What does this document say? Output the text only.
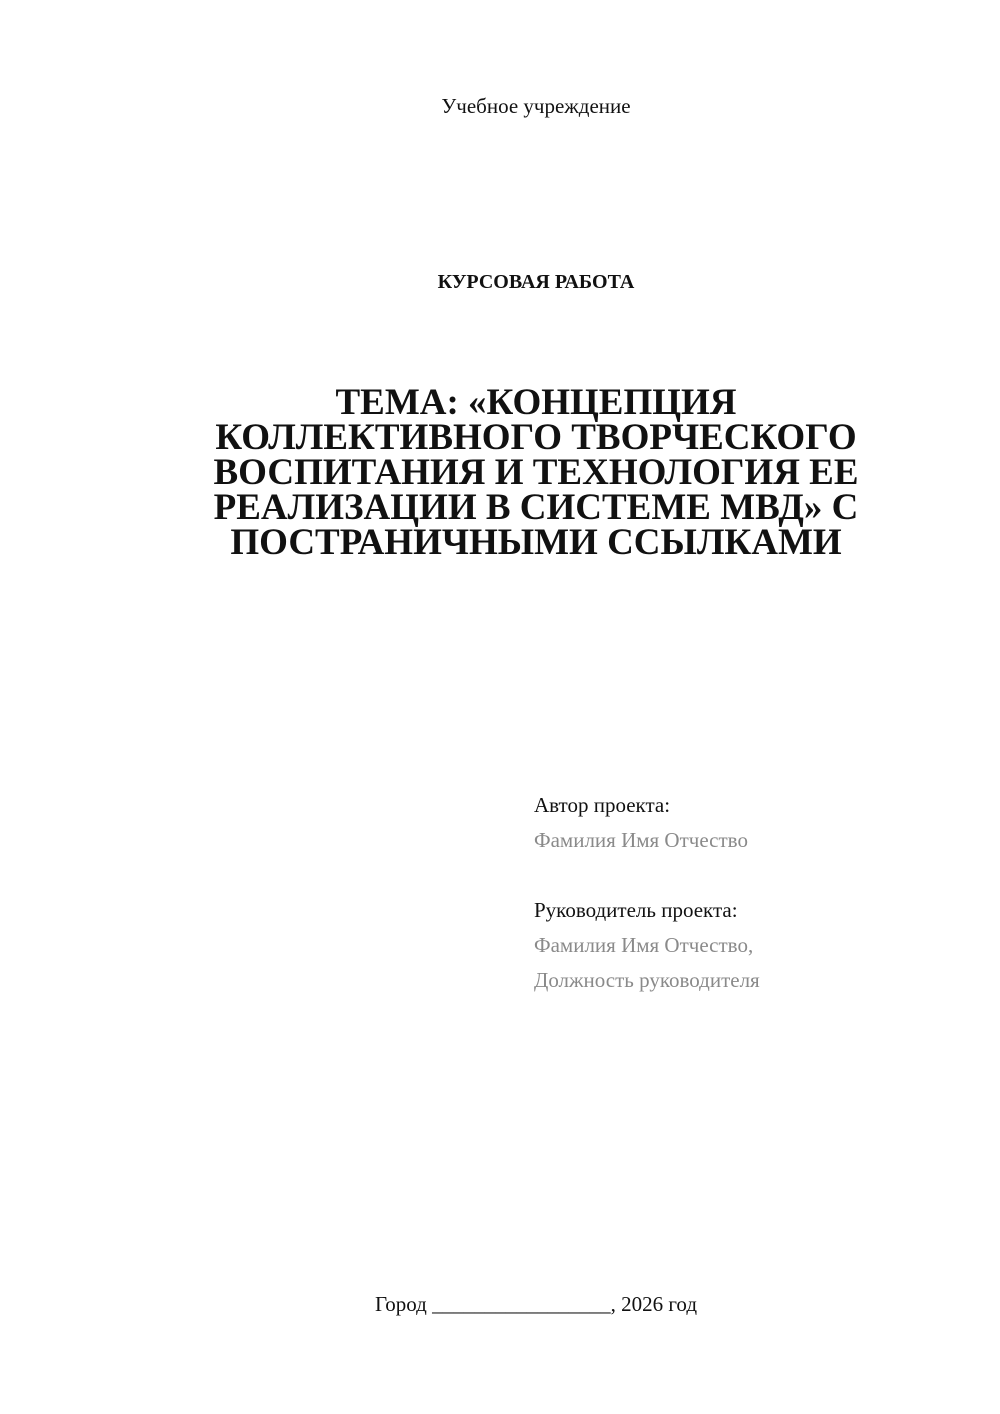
Учебное учреждение
КУРСОВАЯ РАБОТА
ТЕМА: «КОНЦЕПЦИЯ
КОЛЛЕКТИВНОГО ТВОРЧЕСКОГО
ВОСПИТАНИЯ И ТЕХНОЛОГИЯ ЕЕ
РЕАЛИЗАЦИИ В СИСТЕМЕ МВД» С
ПОСТРАНИЧНЫМИ ССЫЛКАМИ
Автор проекта:
Фамилия Имя Отчество
Руководитель проекта:
Фамилия Имя Отчество,
Должность руководителя
Город _________________, 2026 год
